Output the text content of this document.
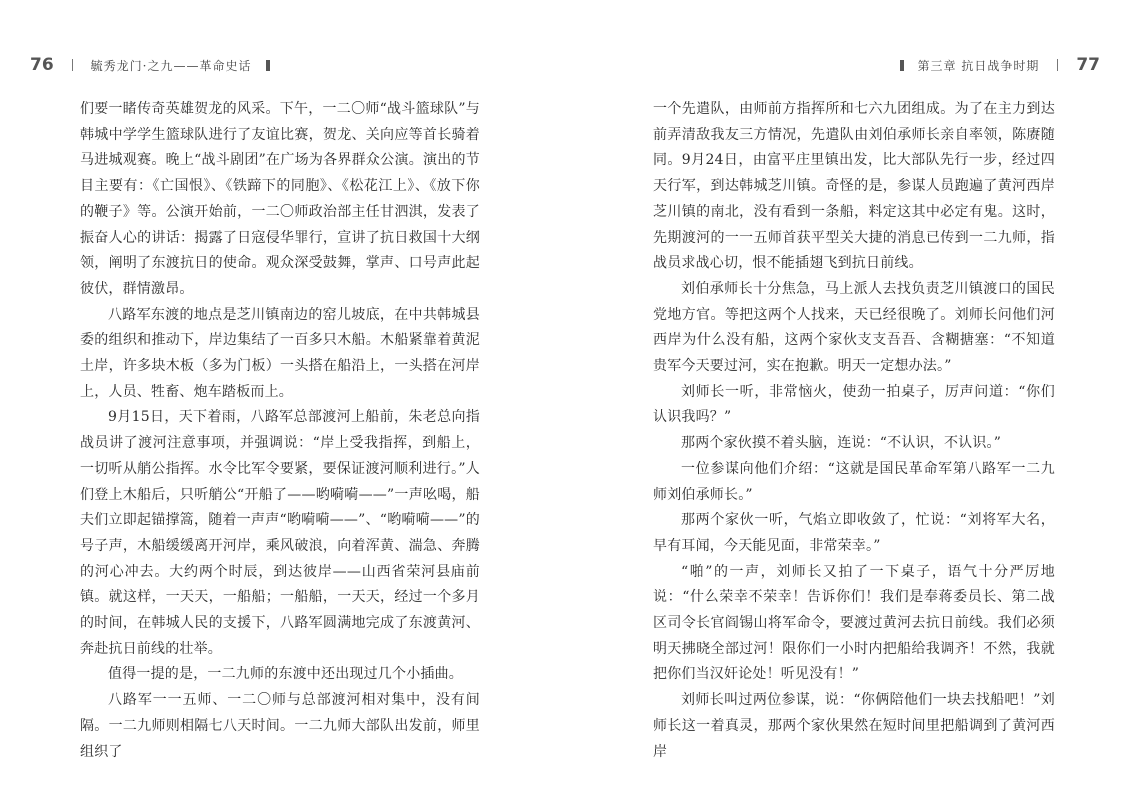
76	毓秀龙门·之九——革命史话

们要一睹传奇英雄贺龙的风采。下午，一二〇师“战斗篮球队”与韩城中学学生篮球队进行了友谊比赛，贺龙、关向应等首长骑着马进城观赛。晚上“战斗剧团”在广场为各界群众公演。演出的节目主要有：《亡国恨》、《铁蹄下的同胞》、《松花江上》、《放下你的鞭子》等。公演开始前，一二〇师政治部主任甘泗淇，发表了振奋人心的讲话：揭露了日寇侵华罪行，宣讲了抗日救国十大纲领，阐明了东渡抗日的使命。观众深受鼓舞，掌声、口号声此起彼伏，群情激昂。

八路军东渡的地点是芝川镇南边的窑儿坡底，在中共韩城县委的组织和推动下，岸边集结了一百多只木船。木船紧靠着黄泥土岸，许多块木板（多为门板）一头搭在船沿上，一头搭在河岸上，人员、牲畜、炮车踏板而上。

9月15日，天下着雨，八路军总部渡河上船前，朱老总向指战员讲了渡河注意事项，并强调说：“岸上受我指挥，到船上，一切听从艄公指挥。水令比军令要紧，要保证渡河顺利进行。”人们登上木船后，只听艄公“开船了——哟嗬嗬——”一声吆喝，船夫们立即起锚撑篙，随着一声声“哟嗬嗬——”、“哟嗬嗬——”的号子声，木船缓缓离开河岸，乘风破浪，向着浑黄、湍急、奔腾的河心冲去。大约两个时辰，到达彼岸——山西省荣河县庙前镇。就这样，一天天，一船船；一船船，一天天，经过一个多月的时间，在韩城人民的支援下，八路军圆满地完成了东渡黄河、奔赴抗日前线的壮举。

值得一提的是，一二九师的东渡中还出现过几个小插曲。

八路军一一五师、一二〇师与总部渡河相对集中，没有间隔。一二九师则相隔七八天时间。一二九师大部队出发前，师里组织了

第三章 抗日战争时期 77

一个先遣队，由师前方指挥所和七六九团组成。为了在主力到达前弄清敌我友三方情况，先遣队由刘伯承师长亲自率领，陈赓随同。9月24日，由富平庄里镇出发，比大部队先行一步，经过四天行军，到达韩城芝川镇。奇怪的是，参谋人员跑遍了黄河西岸芝川镇的南北，没有看到一条船，料定这其中必定有鬼。这时，先期渡河的一一五师首获平型关大捷的消息已传到一二九师，指战员求战心切，恨不能插翅飞到抗日前线。

刘伯承师长十分焦急，马上派人去找负责芝川镇渡口的国民党地方官。等把这两个人找来，天已经很晚了。刘师长问他们河西岸为什么没有船，这两个家伙支支吾吾、含糊搪塞：“不知道贵军今天要过河，实在抱歉。明天一定想办法。”

刘师长一听，非常恼火，使劲一拍桌子，厉声问道：“你们认识我吗？”

那两个家伙摸不着头脑，连说：“不认识，不认识。”

一位参谋向他们介绍：“这就是国民革命军第八路军一二九师刘伯承师长。”

那两个家伙一听，气焰立即收敛了，忙说：“刘将军大名，早有耳闻，今天能见面，非常荣幸。”

“啪”的一声，刘师长又拍了一下桌子，语气十分严厉地说：“什么荣幸不荣幸！告诉你们！我们是奉蒋委员长、第二战区司令长官阎锡山将军命令，要渡过黄河去抗日前线。我们必须明天拂晓全部过河！限你们一小时内把船给我调齐！不然，我就把你们当汉奸论处！听见没有！”

刘师长叫过两位参谋，说：“你俩陪他们一块去找船吧！”刘师长这一着真灵，那两个家伙果然在短时间里把船调到了黄河西岸
